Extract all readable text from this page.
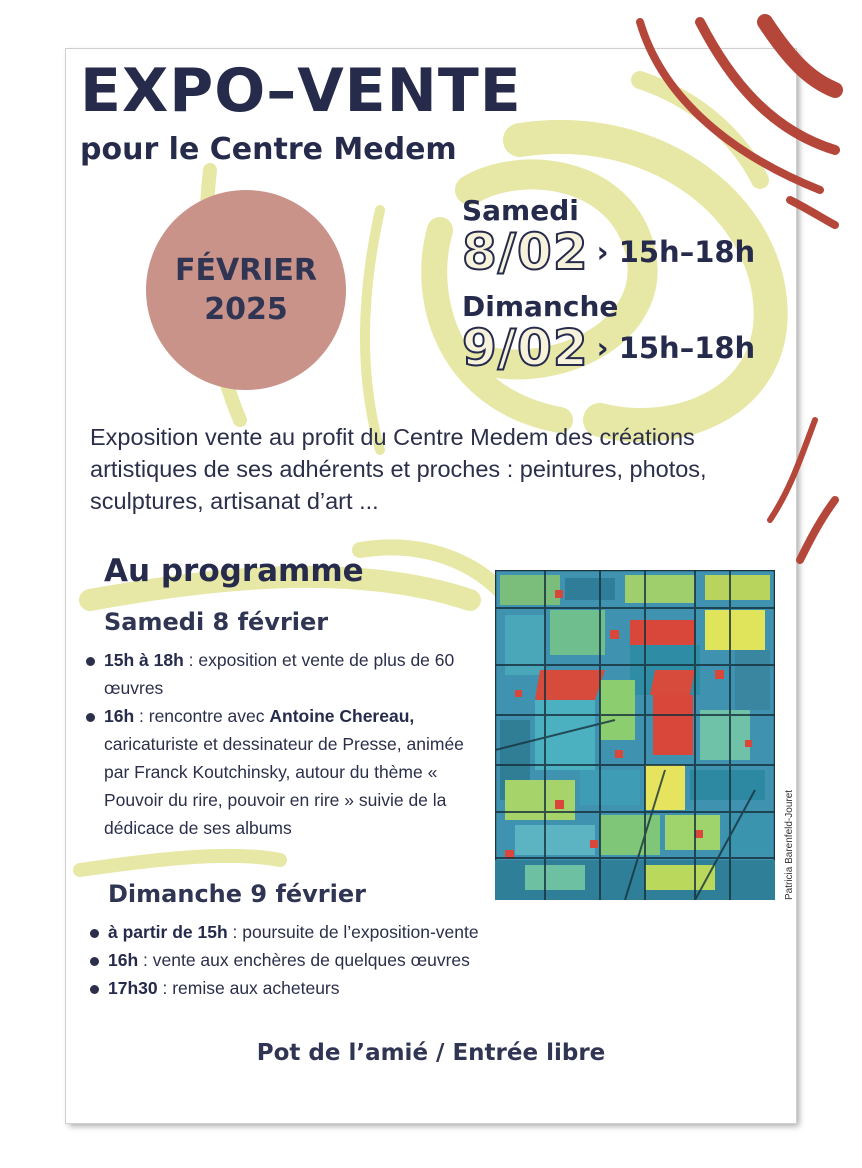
EXPO–VENTE
pour le Centre Medem
FÉVRIER
2025
Samedi
8/02 › 15h–18h
Dimanche
9/02 › 15h–18h

Exposition vente au profit du Centre Medem des créations artistiques de ses adhérents et proches : peintures, photos, sculptures, artisanat d’art ...

Au programme
Samedi 8 février
15h à 18h : exposition et vente de plus de 60 œuvres
16h : rencontre avec Antoine Chereau, caricaturiste et dessinateur de Presse, animée par Franck Koutchinsky, autour du thème « Pouvoir du rire, pouvoir en rire » suivie de la dédicace de ses albums
Dimanche 9 février
à partir de 15h : poursuite de l’exposition-vente
16h : vente aux enchères de quelques œuvres
17h30 : remise aux acheteurs
Patricia Barenfeld-Jouret

Pot de l’amié / Entrée libre
